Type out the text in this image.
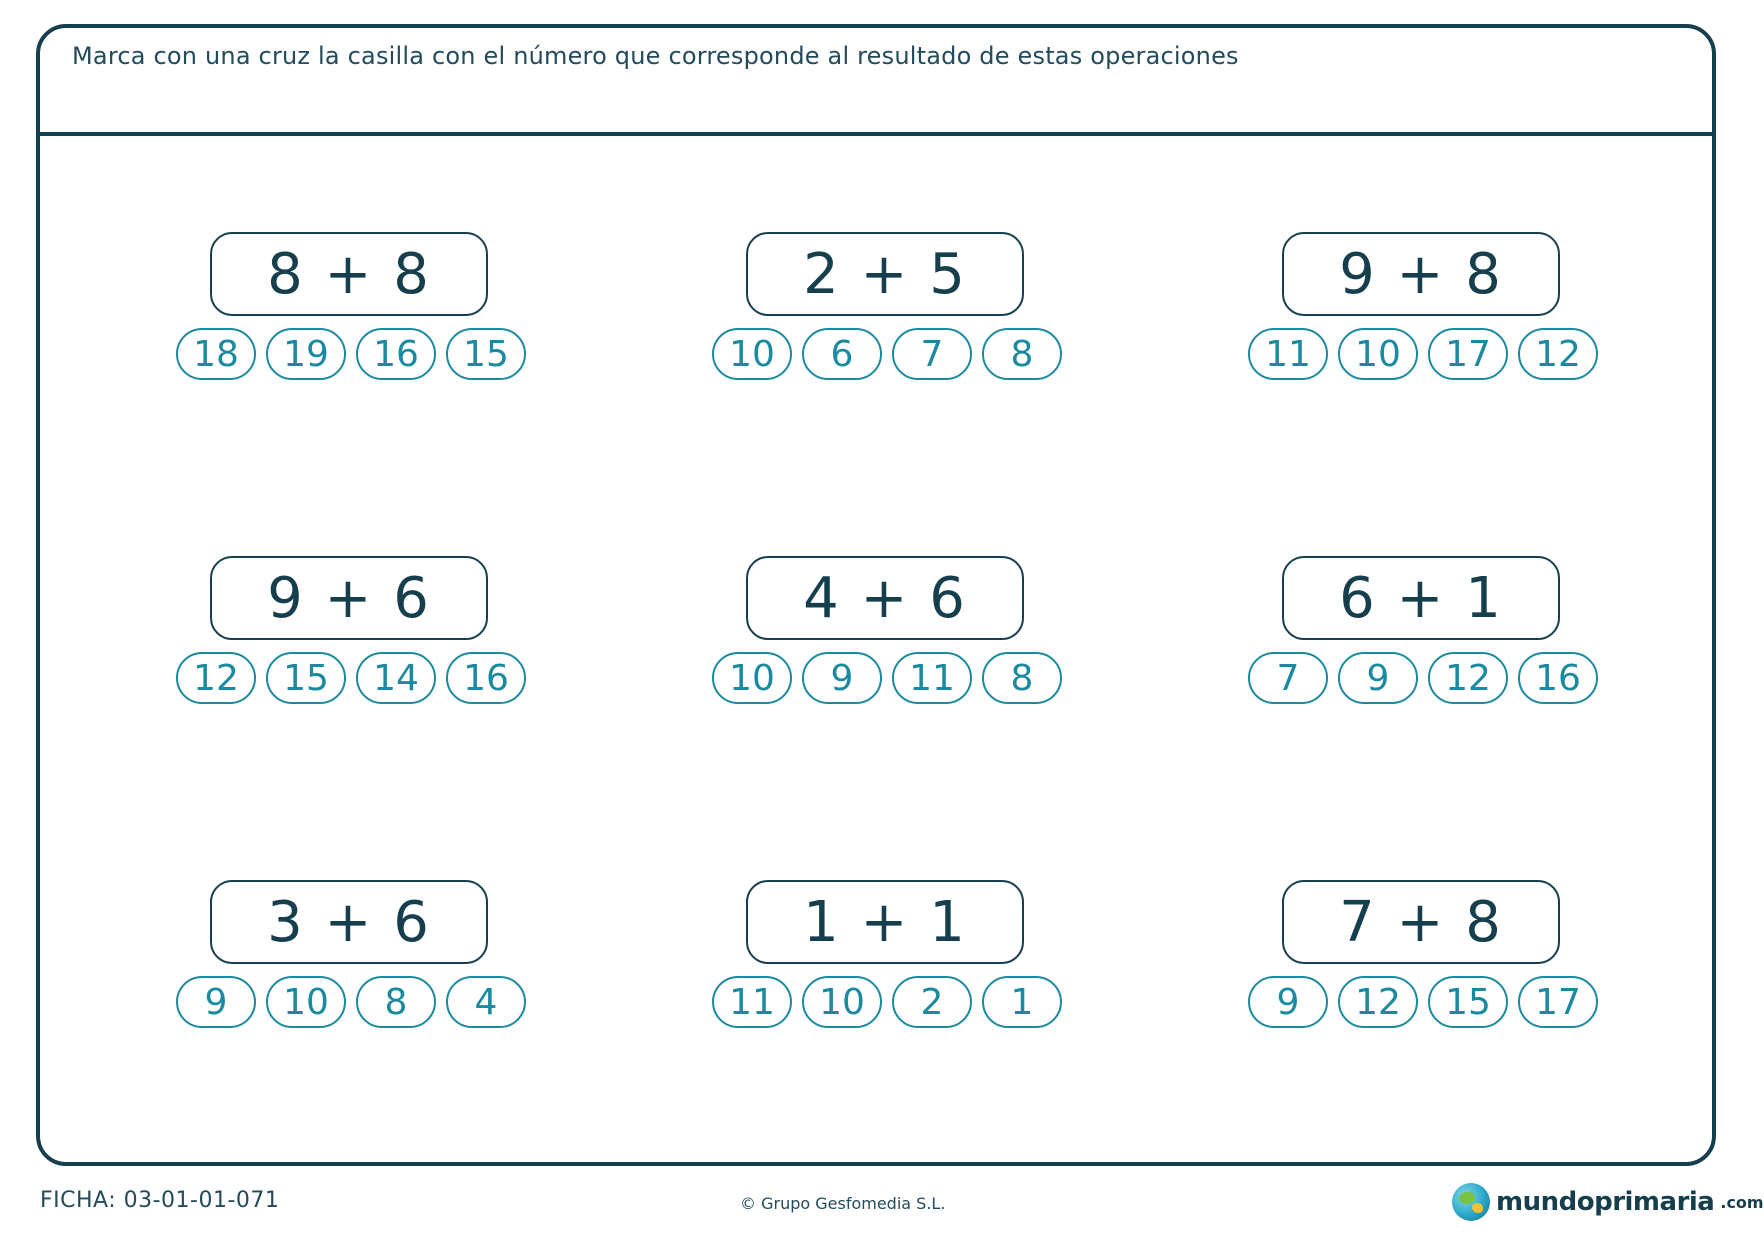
Marca con una cruz la casilla con el número que corresponde al resultado de estas operaciones
8 + 8
18	19	16	15
2 + 5
10	6	7	8
9 + 8
11	10	17	12
9 + 6
12	15	14	16
4 + 6
10	9	11	8
6 + 1
7	9	12	16
3 + 6
9	10	8	4
1 + 1
11	10	2	1
7 + 8
9	12	15	17
FICHA: 03-01-01-071	© Grupo Gesfomedia S.L.	mundoprimaria .com
